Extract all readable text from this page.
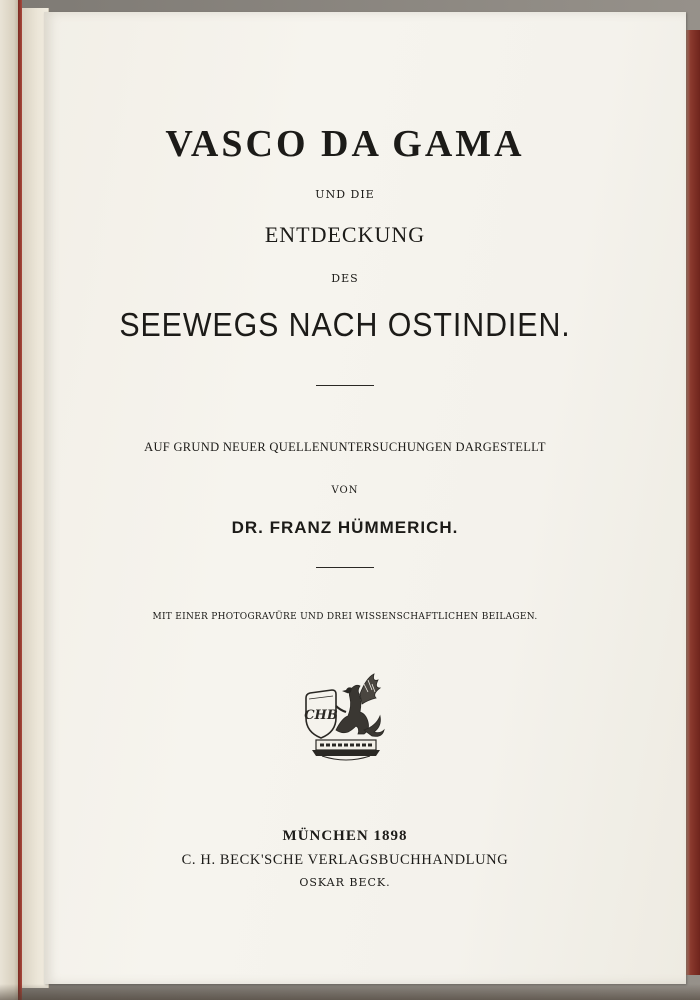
VASCO DA GAMA
UND DIE
ENTDECKUNG
DES
SEEWEGS NACH OSTINDIEN.
AUF GRUND NEUER QUELLENUNTERSUCHUNGEN DARGESTELLT
VON
DR. FRANZ HÜMMERICH.
MIT EINER PHOTOGRAVÜRE UND DREI WISSENSCHAFTLICHEN BEILAGEN.
CHB
MÜNCHEN 1898
C. H. BECK'SCHE VERLAGSBUCHHANDLUNG
OSKAR BECK.
